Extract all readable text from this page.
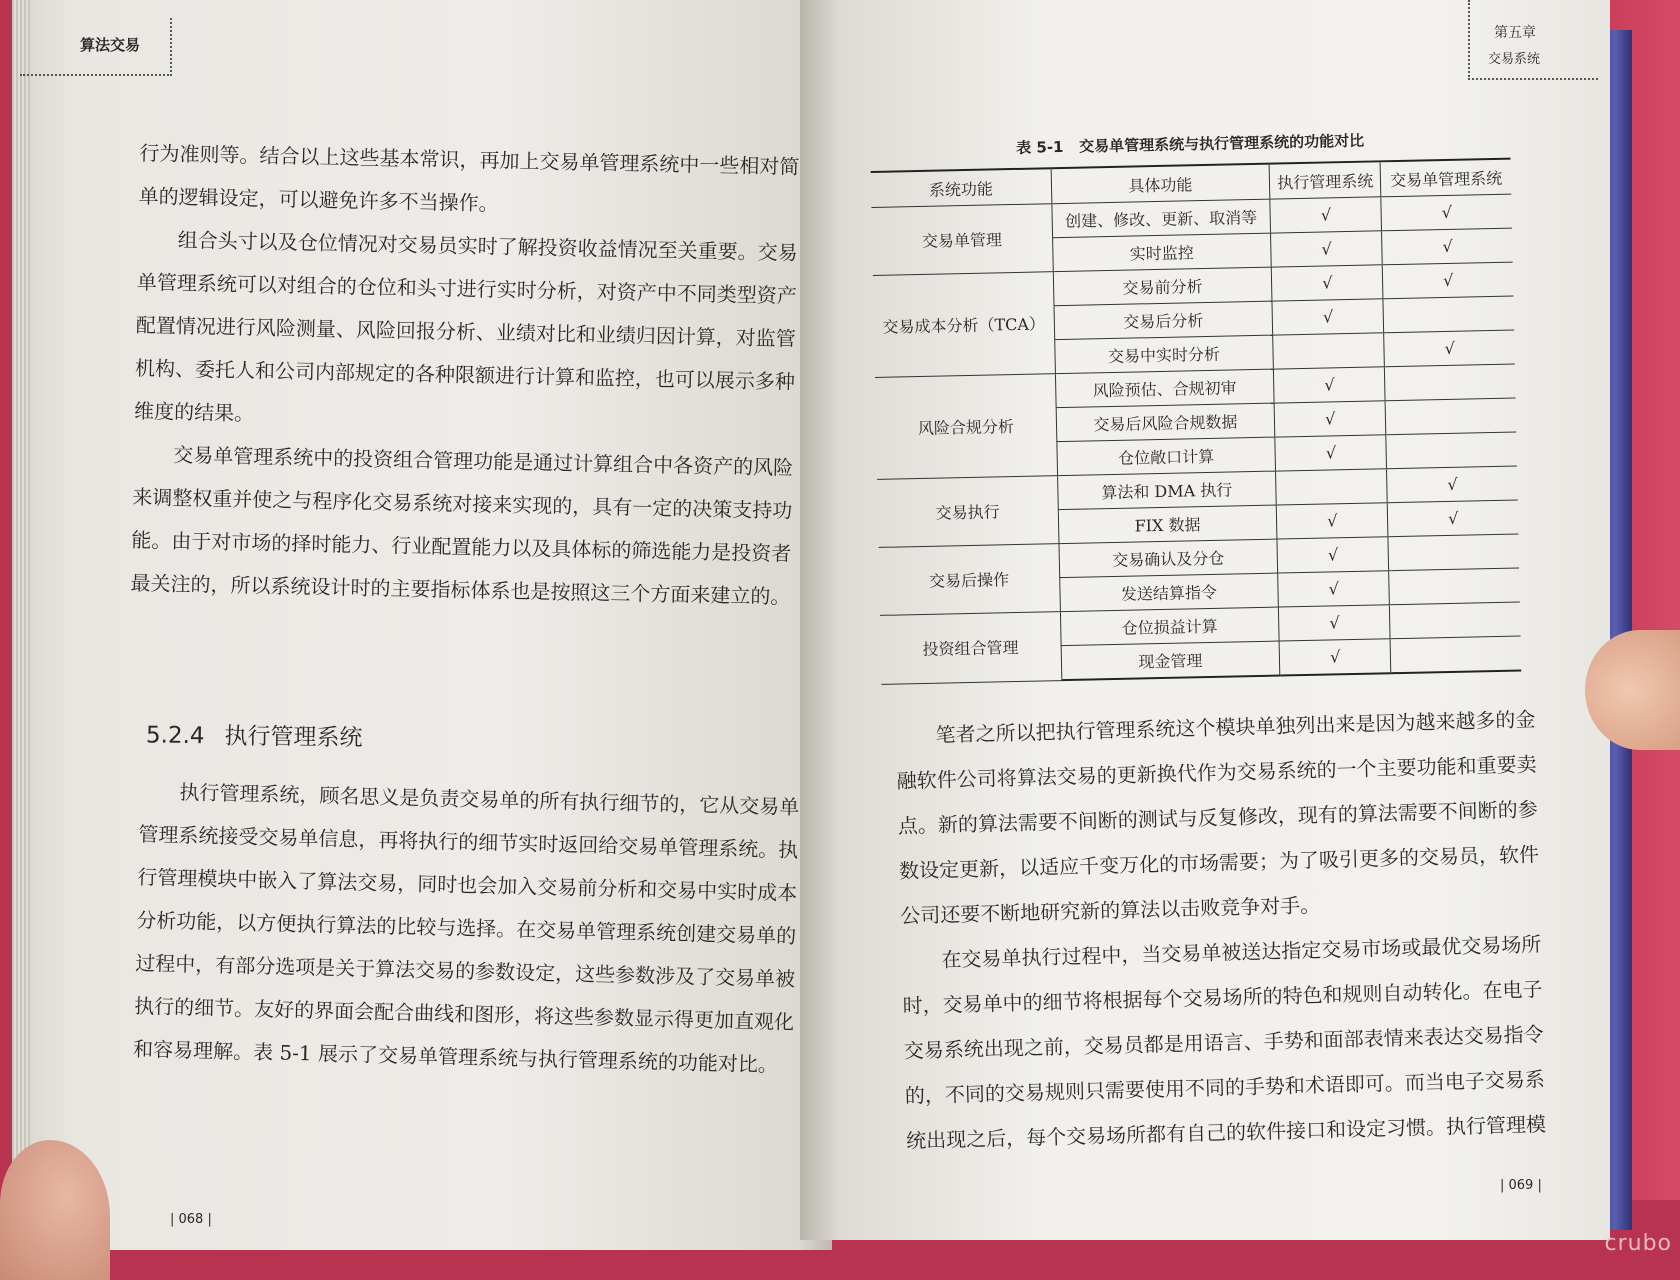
算法交易
第五章
交易系统

行为准则等。结合以上这些基本常识，再加上交易单管理系统中一些相对简单的逻辑设定，可以避免许多不当操作。

组合头寸以及仓位情况对交易员实时了解投资收益情况至关重要。交易单管理系统可以对组合的仓位和头寸进行实时分析，对资产中不同类型资产配置情况进行风险测量、风险回报分析、业绩对比和业绩归因计算，对监管机构、委托人和公司内部规定的各种限额进行计算和监控，也可以展示多种维度的结果。

交易单管理系统中的投资组合管理功能是通过计算组合中各资产的风险来调整权重并使之与程序化交易系统对接来实现的，具有一定的决策支持功能。由于对市场的择时能力、行业配置能力以及具体标的筛选能力是投资者最关注的，所以系统设计时的主要指标体系也是按照这三个方面来建立的。

5.2.4 执行管理系统

执行管理系统，顾名思义是负责交易单的所有执行细节的，它从交易单管理系统接受交易单信息，再将执行的细节实时返回给交易单管理系统。执行管理模块中嵌入了算法交易，同时也会加入交易前分析和交易中实时成本分析功能，以方便执行算法的比较与选择。在交易单管理系统创建交易单的过程中，有部分选项是关于算法交易的参数设定，这些参数涉及了交易单被执行的细节。友好的界面会配合曲线和图形，将这些参数显示得更加直观化和容易理解。表 5-1 展示了交易单管理系统与执行管理系统的功能对比。

| 068 |
表 5-1 交易单管理系统与执行管理系统的功能对比
系统功能	具体功能	执行管理系统	交易单管理系统
交易单管理	创建、修改、更新、取消等	√	√
	实时监控	√	√
交易成本分析（TCA）	交易前分析	√	√
	交易后分析	√	
	交易中实时分析		√
风险合规分析	风险预估、合规初审	√	
	交易后风险合规数据	√	
	仓位敞口计算	√	
交易执行	算法和 DMA 执行		√
	FIX 数据	√	√
交易后操作	交易确认及分仓	√	
	发送结算指令	√	
投资组合管理	仓位损益计算	√	
	现金管理	√	

笔者之所以把执行管理系统这个模块单独列出来是因为越来越多的金融软件公司将算法交易的更新换代作为交易系统的一个主要功能和重要卖点。新的算法需要不间断的测试与反复修改，现有的算法需要不间断的参数设定更新，以适应千变万化的市场需要；为了吸引更多的交易员，软件公司还要不断地研究新的算法以击败竞争对手。

在交易单执行过程中，当交易单被送达指定交易市场或最优交易场所时，交易单中的细节将根据每个交易场所的特色和规则自动转化。在电子交易系统出现之前，交易员都是用语言、手势和面部表情来表达交易指令的，不同的交易规则只需要使用不同的手势和术语即可。而当电子交易系统出现之后，每个交易场所都有自己的软件接口和设定习惯。执行管理模

| 069 |
crubo
